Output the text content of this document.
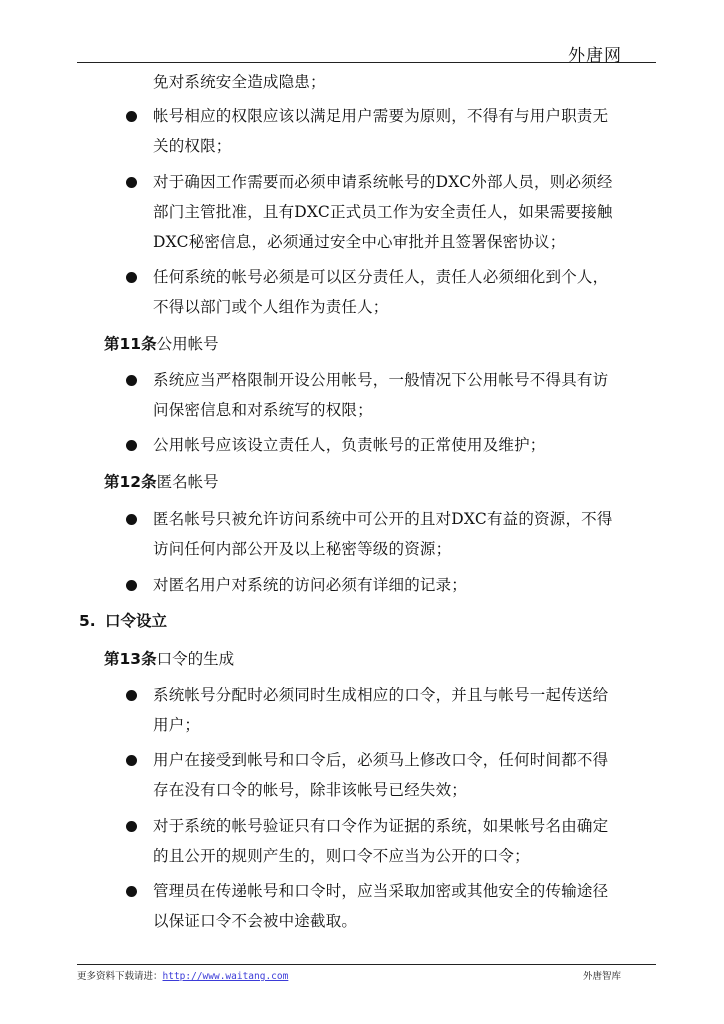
外唐网
免对系统安全造成隐患；
帐号相应的权限应该以满足用户需要为原则，不得有与用户职责无
关的权限；
对于确因工作需要而必须申请系统帐号的DXC外部人员，则必须经
部门主管批准，且有DXC正式员工作为安全责任人，如果需要接触
DXC秘密信息，必须通过安全中心审批并且签署保密协议；
任何系统的帐号必须是可以区分责任人，责任人必须细化到个人，
不得以部门或个人组作为责任人；
第11条公用帐号
系统应当严格限制开设公用帐号，一般情况下公用帐号不得具有访
问保密信息和对系统写的权限；
公用帐号应该设立责任人，负责帐号的正常使用及维护；
第12条匿名帐号
匿名帐号只被允许访问系统中可公开的且对DXC有益的资源，不得
访问任何内部公开及以上秘密等级的资源；
对匿名用户对系统的访问必须有详细的记录；
5. 口令设立
第13条口令的生成
系统帐号分配时必须同时生成相应的口令，并且与帐号一起传送给
用户；
用户在接受到帐号和口令后，必须马上修改口令，任何时间都不得
存在没有口令的帐号，除非该帐号已经失效；
对于系统的帐号验证只有口令作为证据的系统，如果帐号名由确定
的且公开的规则产生的，则口令不应当为公开的口令；
管理员在传递帐号和口令时，应当采取加密或其他安全的传输途径
以保证口令不会被中途截取。
更多资料下载请进：http://www.waitang.com	外唐智库
